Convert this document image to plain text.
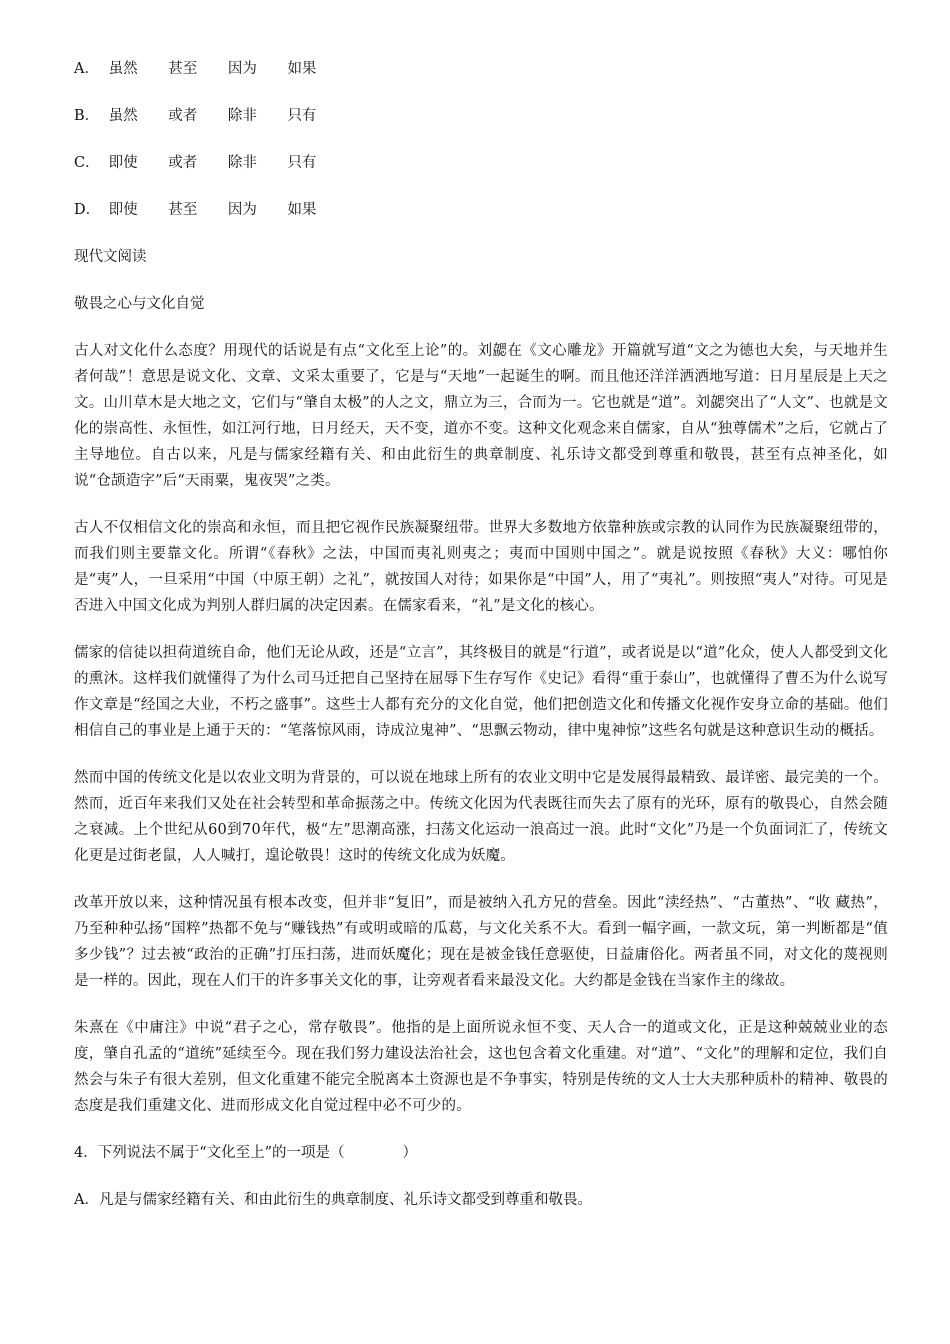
A． 虽然 甚至 因为 如果
B． 虽然 或者 除非 只有
C． 即使 或者 除非 只有
D． 即使 甚至 因为 如果
现代文阅读
敬畏之心与文化自觉

古人对文化什么态度？用现代的话说是有点“文化至上论”的。刘勰在《文心雕龙》开篇就写道“文之为德也大矣，与天地并生者何哉”！意思是说文化、文章、文采太重要了，它是与“天地”一起诞生的啊。而且他还洋洋洒洒地写道：日月星辰是上天之文。山川草木是大地之文，它们与“肇自太极”的人之文，鼎立为三，合而为一。它也就是“道”。刘勰突出了“人文”、也就是文化的崇高性、永恒性，如江河行地，日月经天，天不变，道亦不变。这种文化观念来自儒家，自从“独尊儒术”之后，它就占了主导地位。自古以来，凡是与儒家经籍有关、和由此衍生的典章制度、礼乐诗文都受到尊重和敬畏，甚至有点神圣化，如说“仓颉造字”后“天雨粟，鬼夜哭”之类。

古人不仅相信文化的崇高和永恒，而且把它视作民族凝聚纽带。世界大多数地方依靠种族或宗教的认同作为民族凝聚纽带的，而我们则主要靠文化。所谓“《春秋》之法，中国而夷礼则夷之；夷而中国则中国之”。就是说按照《春秋》大义：哪怕你是“夷”人，一旦采用“中国（中原王朝）之礼”，就按国人对待；如果你是“中国”人，用了“夷礼”。则按照“夷人”对待。可见是否进入中国文化成为判别人群归属的决定因素。在儒家看来，“礼”是文化的核心。

儒家的信徒以担荷道统自命，他们无论从政，还是“立言”，其终极目的就是“行道”，或者说是以“道”化众，使人人都受到文化的熏沐。这样我们就懂得了为什么司马迁把自己坚持在屈辱下生存写作《史记》看得“重于泰山”，也就懂得了曹丕为什么说写作文章是“经国之大业，不朽之盛事”。这些士人都有充分的文化自觉，他们把创造文化和传播文化视作安身立命的基础。他们相信自己的事业是上通于天的：“笔落惊风雨，诗成泣鬼神”、“思飘云物动，律中鬼神惊”这些名句就是这种意识生动的概括。

然而中国的传统文化是以农业文明为背景的，可以说在地球上所有的农业文明中它是发展得最精致、最详密、最完美的一个。然而，近百年来我们又处在社会转型和革命振荡之中。传统文化因为代表既往而失去了原有的光环，原有的敬畏心，自然会随之衰减。上个世纪从60到70年代，极“左”思潮高涨，扫荡文化运动一浪高过一浪。此时“文化”乃是一个负面词汇了，传统文化更是过街老鼠，人人喊打，遑论敬畏！这时的传统文化成为妖魔。

改革开放以来，这种情况虽有根本改变，但并非“复旧”，而是被纳入孔方兄的营垒。因此“渎经热”、“古董热”、“收 藏热”，乃至种种弘扬“国粹”热都不免与“赚钱热”有或明或暗的瓜葛，与文化关系不大。看到一幅字画，一款文玩，第一判断都是“值多少钱”？过去被“政治的正确”打压扫荡，进而妖魔化；现在是被金钱任意驱使，日益庸俗化。两者虽不同，对文化的蔑视则是一样的。因此，现在人们干的许多事关文化的事，让旁观者看来最没文化。大约都是金钱在当家作主的缘故。

朱熹在《中庸注》中说“君子之心，常存敬畏”。他指的是上面所说永恒不变、天人合一的道或文化，正是这种兢兢业业的态度，肇自孔孟的“道统”延续至今。现在我们努力建设法治社会，这也包含着文化重建。对“道”、“文化”的理解和定位，我们自然会与朱子有很大差别，但文化重建不能完全脱离本土资源也是不争事实，特别是传统的文人士大夫那种质朴的精神、敬畏的态度是我们重建文化、进而形成文化自觉过程中必不可少的。

4．下列说法不属于“文化至上”的一项是（　　　　）
A．凡是与儒家经籍有关、和由此衍生的典章制度、礼乐诗文都受到尊重和敬畏。
